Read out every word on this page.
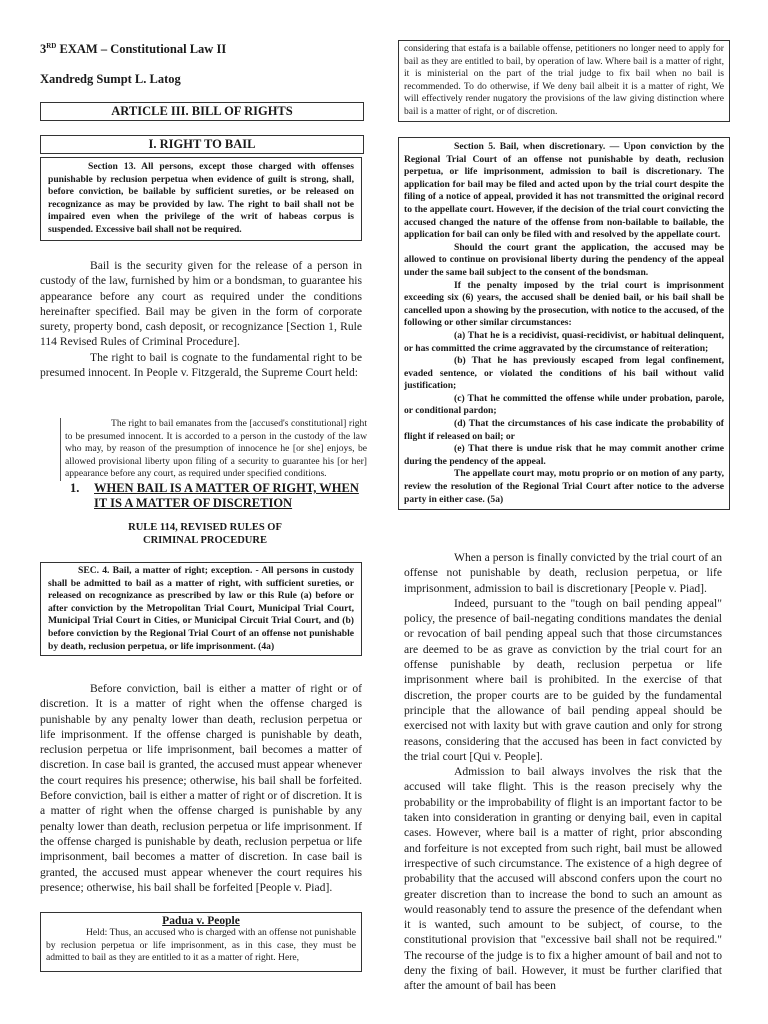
3RD EXAM – Constitutional Law II
Xandredg Sumpt L. Latog
ARTICLE III. BILL OF RIGHTS
I. RIGHT TO BAIL

Section 13. All persons, except those charged with offenses punishable by reclusion perpetua when evidence of guilt is strong, shall, before conviction, be bailable by sufficient sureties, or be released on recognizance as may be provided by law. The right to bail shall not be impaired even when the privilege of the writ of habeas corpus is suspended. Excessive bail shall not be required.

Bail is the security given for the release of a person in custody of the law, furnished by him or a bondsman, to guarantee his appearance before any court as required under the conditions hereinafter specified. Bail may be given in the form of corporate surety, property bond, cash deposit, or recognizance [Section 1, Rule 114 Revised Rules of Criminal Procedure].

The right to bail is cognate to the fundamental right to be presumed innocent. In People v. Fitzgerald, the Supreme Court held:

The right to bail emanates from the [accused's constitutional] right to be presumed innocent. It is accorded to a person in the custody of the law who may, by reason of the presumption of innocence he [or she] enjoys, be allowed provisional liberty upon filing of a security to guarantee his [or her] appearance before any court, as required under specified conditions.

1. WHEN BAIL IS A MATTER OF RIGHT, WHEN IT IS A MATTER OF DISCRETION
RULE 114, REVISED RULES OF CRIMINAL PROCEDURE

SEC. 4. Bail, a matter of right; exception. - All persons in custody shall be admitted to bail as a matter of right, with sufficient sureties, or released on recognizance as prescribed by law or this Rule (a) before or after conviction by the Metropolitan Trial Court, Municipal Trial Court, Municipal Trial Court in Cities, or Municipal Circuit Trial Court, and (b) before conviction by the Regional Trial Court of an offense not punishable by death, reclusion perpetua, or life imprisonment. (4a)

Before conviction, bail is either a matter of right or of discretion. It is a matter of right when the offense charged is punishable by any penalty lower than death, reclusion perpetua or life imprisonment. If the offense charged is punishable by death, reclusion perpetua or life imprisonment, bail becomes a matter of discretion. In case bail is granted, the accused must appear whenever the court requires his presence; otherwise, his bail shall be forfeited. Before conviction, bail is either a matter of right or of discretion. It is a matter of right when the offense charged is punishable by any penalty lower than death, reclusion perpetua or life imprisonment. If the offense charged is punishable by death, reclusion perpetua or life imprisonment, bail becomes a matter of discretion. In case bail is granted, the accused must appear whenever the court requires his presence; otherwise, his bail shall be forfeited [People v. Piad].

Padua v. People

Held: Thus, an accused who is charged with an offense not punishable by reclusion perpetua or life imprisonment, as in this case, they must be admitted to bail as they are entitled to it as a matter of right. Here,

considering that estafa is a bailable offense, petitioners no longer need to apply for bail as they are entitled to bail, by operation of law. Where bail is a matter of right, it is ministerial on the part of the trial judge to fix bail when no bail is recommended. To do otherwise, if We deny bail albeit it is a matter of right, We will effectively render nugatory the provisions of the law giving distinction where bail is a matter of right, or of discretion.

Section 5. Bail, when discretionary. — Upon conviction by the Regional Trial Court of an offense not punishable by death, reclusion perpetua, or life imprisonment, admission to bail is discretionary. The application for bail may be filed and acted upon by the trial court despite the filing of a notice of appeal, provided it has not transmitted the original record to the appellate court. However, if the decision of the trial court convicting the accused changed the nature of the offense from non-bailable to bailable, the application for bail can only be filed with and resolved by the appellate court.

Should the court grant the application, the accused may be allowed to continue on provisional liberty during the pendency of the appeal under the same bail subject to the consent of the bondsman.

If the penalty imposed by the trial court is imprisonment exceeding six (6) years, the accused shall be denied bail, or his bail shall be cancelled upon a showing by the prosecution, with notice to the accused, of the following or other similar circumstances:

(a) That he is a recidivist, quasi-recidivist, or habitual delinquent, or has committed the crime aggravated by the circumstance of reiteration;

(b) That he has previously escaped from legal confinement, evaded sentence, or violated the conditions of his bail without valid justification;

(c) That he committed the offense while under probation, parole, or conditional pardon;

(d) That the circumstances of his case indicate the probability of flight if released on bail; or

(e) That there is undue risk that he may commit another crime during the pendency of the appeal.

The appellate court may, motu proprio or on motion of any party, review the resolution of the Regional Trial Court after notice to the adverse party in either case. (5a)

When a person is finally convicted by the trial court of an offense not punishable by death, reclusion perpetua, or life imprisonment, admission to bail is discretionary [People v. Piad].

Indeed, pursuant to the "tough on bail pending appeal" policy, the presence of bail-negating conditions mandates the denial or revocation of bail pending appeal such that those circumstances are deemed to be as grave as conviction by the trial court for an offense punishable by death, reclusion perpetua or life imprisonment where bail is prohibited. In the exercise of that discretion, the proper courts are to be guided by the fundamental principle that the allowance of bail pending appeal should be exercised not with laxity but with grave caution and only for strong reasons, considering that the accused has been in fact convicted by the trial court [Qui v. People].

Admission to bail always involves the risk that the accused will take flight. This is the reason precisely why the probability or the improbability of flight is an important factor to be taken into consideration in granting or denying bail, even in capital cases. However, where bail is a matter of right, prior absconding and forfeiture is not excepted from such right, bail must be allowed irrespective of such circumstance. The existence of a high degree of probability that the accused will abscond confers upon the court no greater discretion than to increase the bond to such an amount as would reasonably tend to assure the presence of the defendant when it is wanted, such amount to be subject, of course, to the constitutional provision that "excessive bail shall not be required." The recourse of the judge is to fix a higher amount of bail and not to deny the fixing of bail. However, it must be further clarified that after the amount of bail has been
